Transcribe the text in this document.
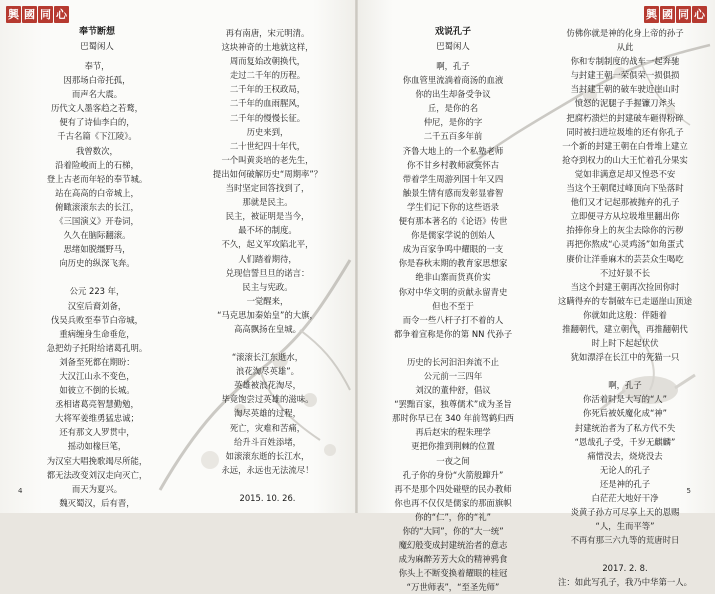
興 國 同 心	興 國 同 心
奉节断想
巴蜀闲人
奉节，
因那场白帝托孤，
而声名大震。
历代文人墨客趋之若鹜，
便有了诗仙李白的，
千古名篇《下江陵》。
我曾数次，
沿着险峻而上的石梯，
登上古老而年轻的奉节城。
站在高高的白帝城上，
俯瞰滚滚东去的长江，
《三国演义》开卷词，
久久在脑际翻滚。
思绪如脱缰野马，
向历史的纵深飞奔。
公元 223 年，
汉室后裔刘备，
伐吴兵败至奉节白帝城，
重病缠身生命垂危，
急把幼子托附给诸葛孔明。
刘备至死都在期盼：
大汉江山永不变色，
如彼立不倒的长城。
丞相诸葛亮智慧勤勉，
大将军姜维勇猛忠诚；
还有那文人罗贯中，
摇动如椽巨笔，
为汉室大唱挽歌竭尽所能，
都无法改变刘汉走向灭亡，
而天为夏兴。
魏灭蜀汉，后有晋，
再有南唐，宋元明清。
这块神奇的土地就这样，
周而复始改朝换代，
走过二千年的历程。
二千年的王权政局，
二千年的血雨腥风，
二千年的慢慢长征。
历史来到，
二十世纪四十年代，
一个叫黄炎培的老先生，
提出如何破解历史“周期率”？
当时坚定回答找到了，
那就是民主。
民主，被证明是当今，
最不坏的制度。
不久，起义军攻陷北平，
人们踏着期待，
兑现信誓旦旦的诺言：
民主与宪政。
一觉醒来，
“马克思加秦始皇”的大旗，
高高飘扬在皇城。
“滚滚长江东逝水，
浪花淘尽英雄”。
英雄被浪花淘尽，
毕竟饱尝过英雄的滋味。
淘尽英雄的过程，
死亡，灾难和苦痛，
给升斗百姓添堵，
如滚滚东逝的长江水，
永远，永远也无法流尽！
2015. 10. 26.
戏说孔子
巴蜀闲人
啊，孔子
你血管里流淌着商汤的血液
你的出生却备受争议
丘，是你的名
仲尼，是你的字
二千五百多年前
齐鲁大地上的一个私塾老师
你不甘乡村教师寂寞怀古
带着学生周游列国十年又四
触景生情有感而发彰显睿智
学生们记下你的这些语录
便有那本著名的《论语》传世
你是儒家学说的创始人
成为百家争鸣中耀眼的一支
你是春秋末期的教育家思想家
绝非山寨而货真价实
你对中华文明的贡献永留青史
但也不至于
而令一些八杆子打不着的人
都争着宣称是你的第 NN 代孙子
历史的长河汩汩奔流不止
公元前一三四年
刘汉的董仲舒，倡议
“罢黜百家，独尊儒术”成为圣旨
那时你早已在 340 年前驾鹤归西
再后赵宋的程朱理学
更把你推到荆棘的位置
一夜之间
孔子你的身份“火箭般蹿升”
再不是那个四处碰壁的民办教师
你也再不仅仅是儒家的那面旗帜
你的“仁”，你的“礼”
你的“大同”，你的“大一统”
魔幻般变成封建统治者的意志
成为麻醉芳芳大众的精神鸦食
你头上不断变换着耀眼的桂冠
“万世师表”，“至圣先师”
仿佛你就是神的化身上帝的孙子
从此
你和专制制度的战车一起奔驰
与封建王朝一荣俱荣一损俱损
当封建王朝的破车驶近崖山时
愤怒的泥腿子手握镰刀斧头
把腐朽溃烂的封建破车砸得粉碎
同时被扫进垃圾堆的还有你孔子
一个新的封建王朝在白骨堆上建立
抢夺到权力的山大王忙着孔分果实
觉如非满意足却又惶恐不安
当这个王朝爬过峰顶向下坠落时
他们又才记起那被抛弃的孔子
立即便寻方从垃圾堆里翻出你
抬捧你身上的灰尘去除你的污秽
再把你熬成“心灵鸡汤”如角蛋式
赓价让洋垂麻木的芸芸众生喝吃
不过好景不长
当这个封建王朝再次捡回你时
这瞒得弃的专制破车已走逼崖山顶途
你就如此这般：伴随着
推翻朝代，建立朝代，再推翻朝代
时上时下起起伏伏
犹如漂浮在长江中的死猫一只
啊，孔子
你活着时是大写的“人”
你死后被妖魔化成“神”
封建统治者为了私方代不失
“恩哉孔子受，千岁无麒麟”
痛惜没去，烧烧没去
无论人的孔子
还是神的孔子
白茫茫大地好干净
炎黄子孙方可尽享上天的恩赐
“人，生而平等”
不再有那三六九等的荒唐时日
2017. 2. 8.
注：如此写孔子，我乃中华第一人。
4	5
